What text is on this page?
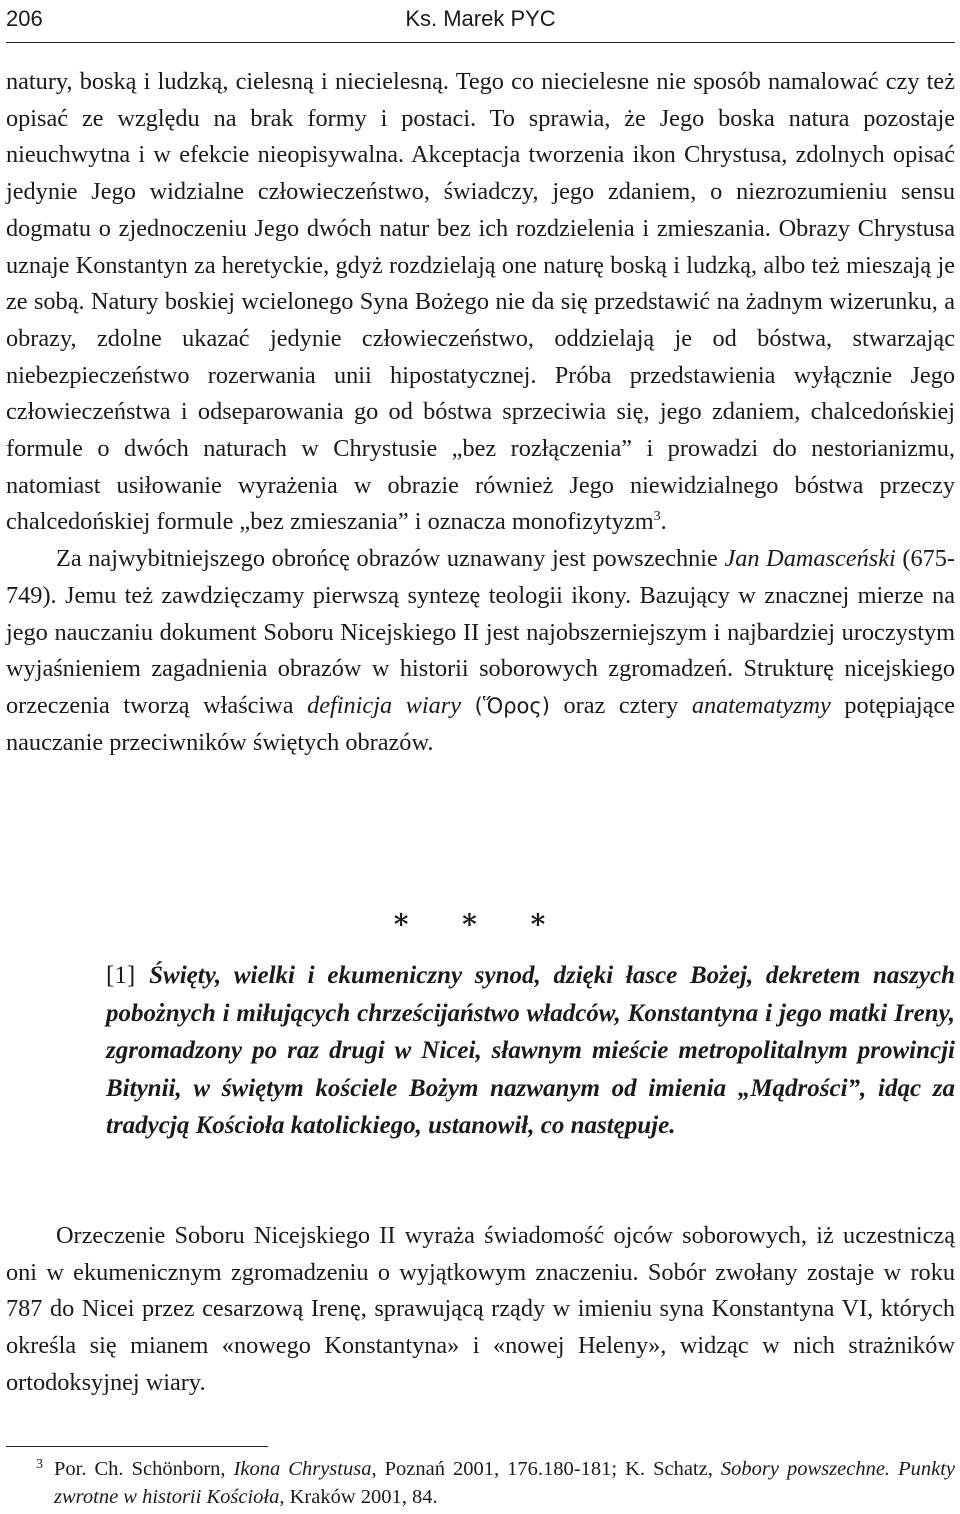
206	Ks. Marek PYC

natury, boską i ludzką, cielesną i niecielesną. Tego co niecielesne nie sposób namalować czy też opisać ze względu na brak formy i postaci. To sprawia, że Jego boska natura pozostaje nieuchwytna i w efekcie nieopisywalna. Akceptacja tworzenia ikon Chrystusa, zdolnych opisać jedynie Jego widzialne człowieczeństwo, świadczy, jego zdaniem, o niezrozumieniu sensu dogmatu o zjednoczeniu Jego dwóch natur bez ich rozdzielenia i zmieszania. Obrazy Chrystusa uznaje Konstantyn za heretyckie, gdyż rozdzielają one naturę boską i ludzką, albo też mieszają je ze sobą. Natury boskiej wcielonego Syna Bożego nie da się przedstawić na żadnym wizerunku, a obrazy, zdolne ukazać jedynie człowieczeństwo, oddzielają je od bóstwa, stwarzając niebezpieczeństwo rozerwania unii hipostatycznej. Próba przedstawienia wyłącznie Jego człowieczeństwa i odseparowania go od bóstwa sprzeciwia się, jego zdaniem, chalcedońskiej formule o dwóch naturach w Chrystusie „bez rozłączenia” i prowadzi do nestorianizmu, natomiast usiłowanie wyrażenia w obrazie również Jego niewidzialnego bóstwa przeczy chalcedońskiej formule „bez zmieszania” i oznacza monofizytyzm$^3$.

Za najwybitniejszego obrońcę obrazów uznawany jest powszechnie Jan Damasceński (675-749). Jemu też zawdzięczamy pierwszą syntezę teologii ikony. Bazujący w znacznej mierze na jego nauczaniu dokument Soboru Nicejskiego II jest najobszerniejszym i najbardziej uroczystym wyjaśnieniem zagadnienia obrazów w historii soborowych zgromadzeń. Strukturę nicejskiego orzeczenia tworzą właściwa definicja wiary (Ὅρος) oraz cztery anatematyzmy potępiające nauczanie przeciwników świętych obrazów.

* * *
[1] Święty, wielki i ekumeniczny synod, dzięki łasce Bożej, dekretem naszych pobożnych i miłujących chrześcijaństwo władców, Konstantyna i jego matki Ireny, zgromadzony po raz drugi w Nicei, sławnym mieście metropolitalnym prowincji Bitynii, w świętym kościele Bożym nazwanym od imienia „Mądrości”, idąc za tradycją Kościoła katolickiego, ustanowił, co następuje.

Orzeczenie Soboru Nicejskiego II wyraża świadomość ojców soborowych, iż uczestniczą oni w ekumenicznym zgromadzeniu o wyjątkowym znaczeniu. Sobór zwołany zostaje w roku 787 do Nicei przez cesarzową Irenę, sprawującą rządy w imieniu syna Konstantyna VI, których określa się mianem «nowego Konstantyna» i «nowej Heleny», widząc w nich strażników ortodoksyjnej wiary.

3 Por. Ch. Schönborn, Ikona Chrystusa, Poznań 2001, 176.180-181; K. Schatz, Sobory powszechne. Punkty zwrotne w historii Kościoła, Kraków 2001, 84.
